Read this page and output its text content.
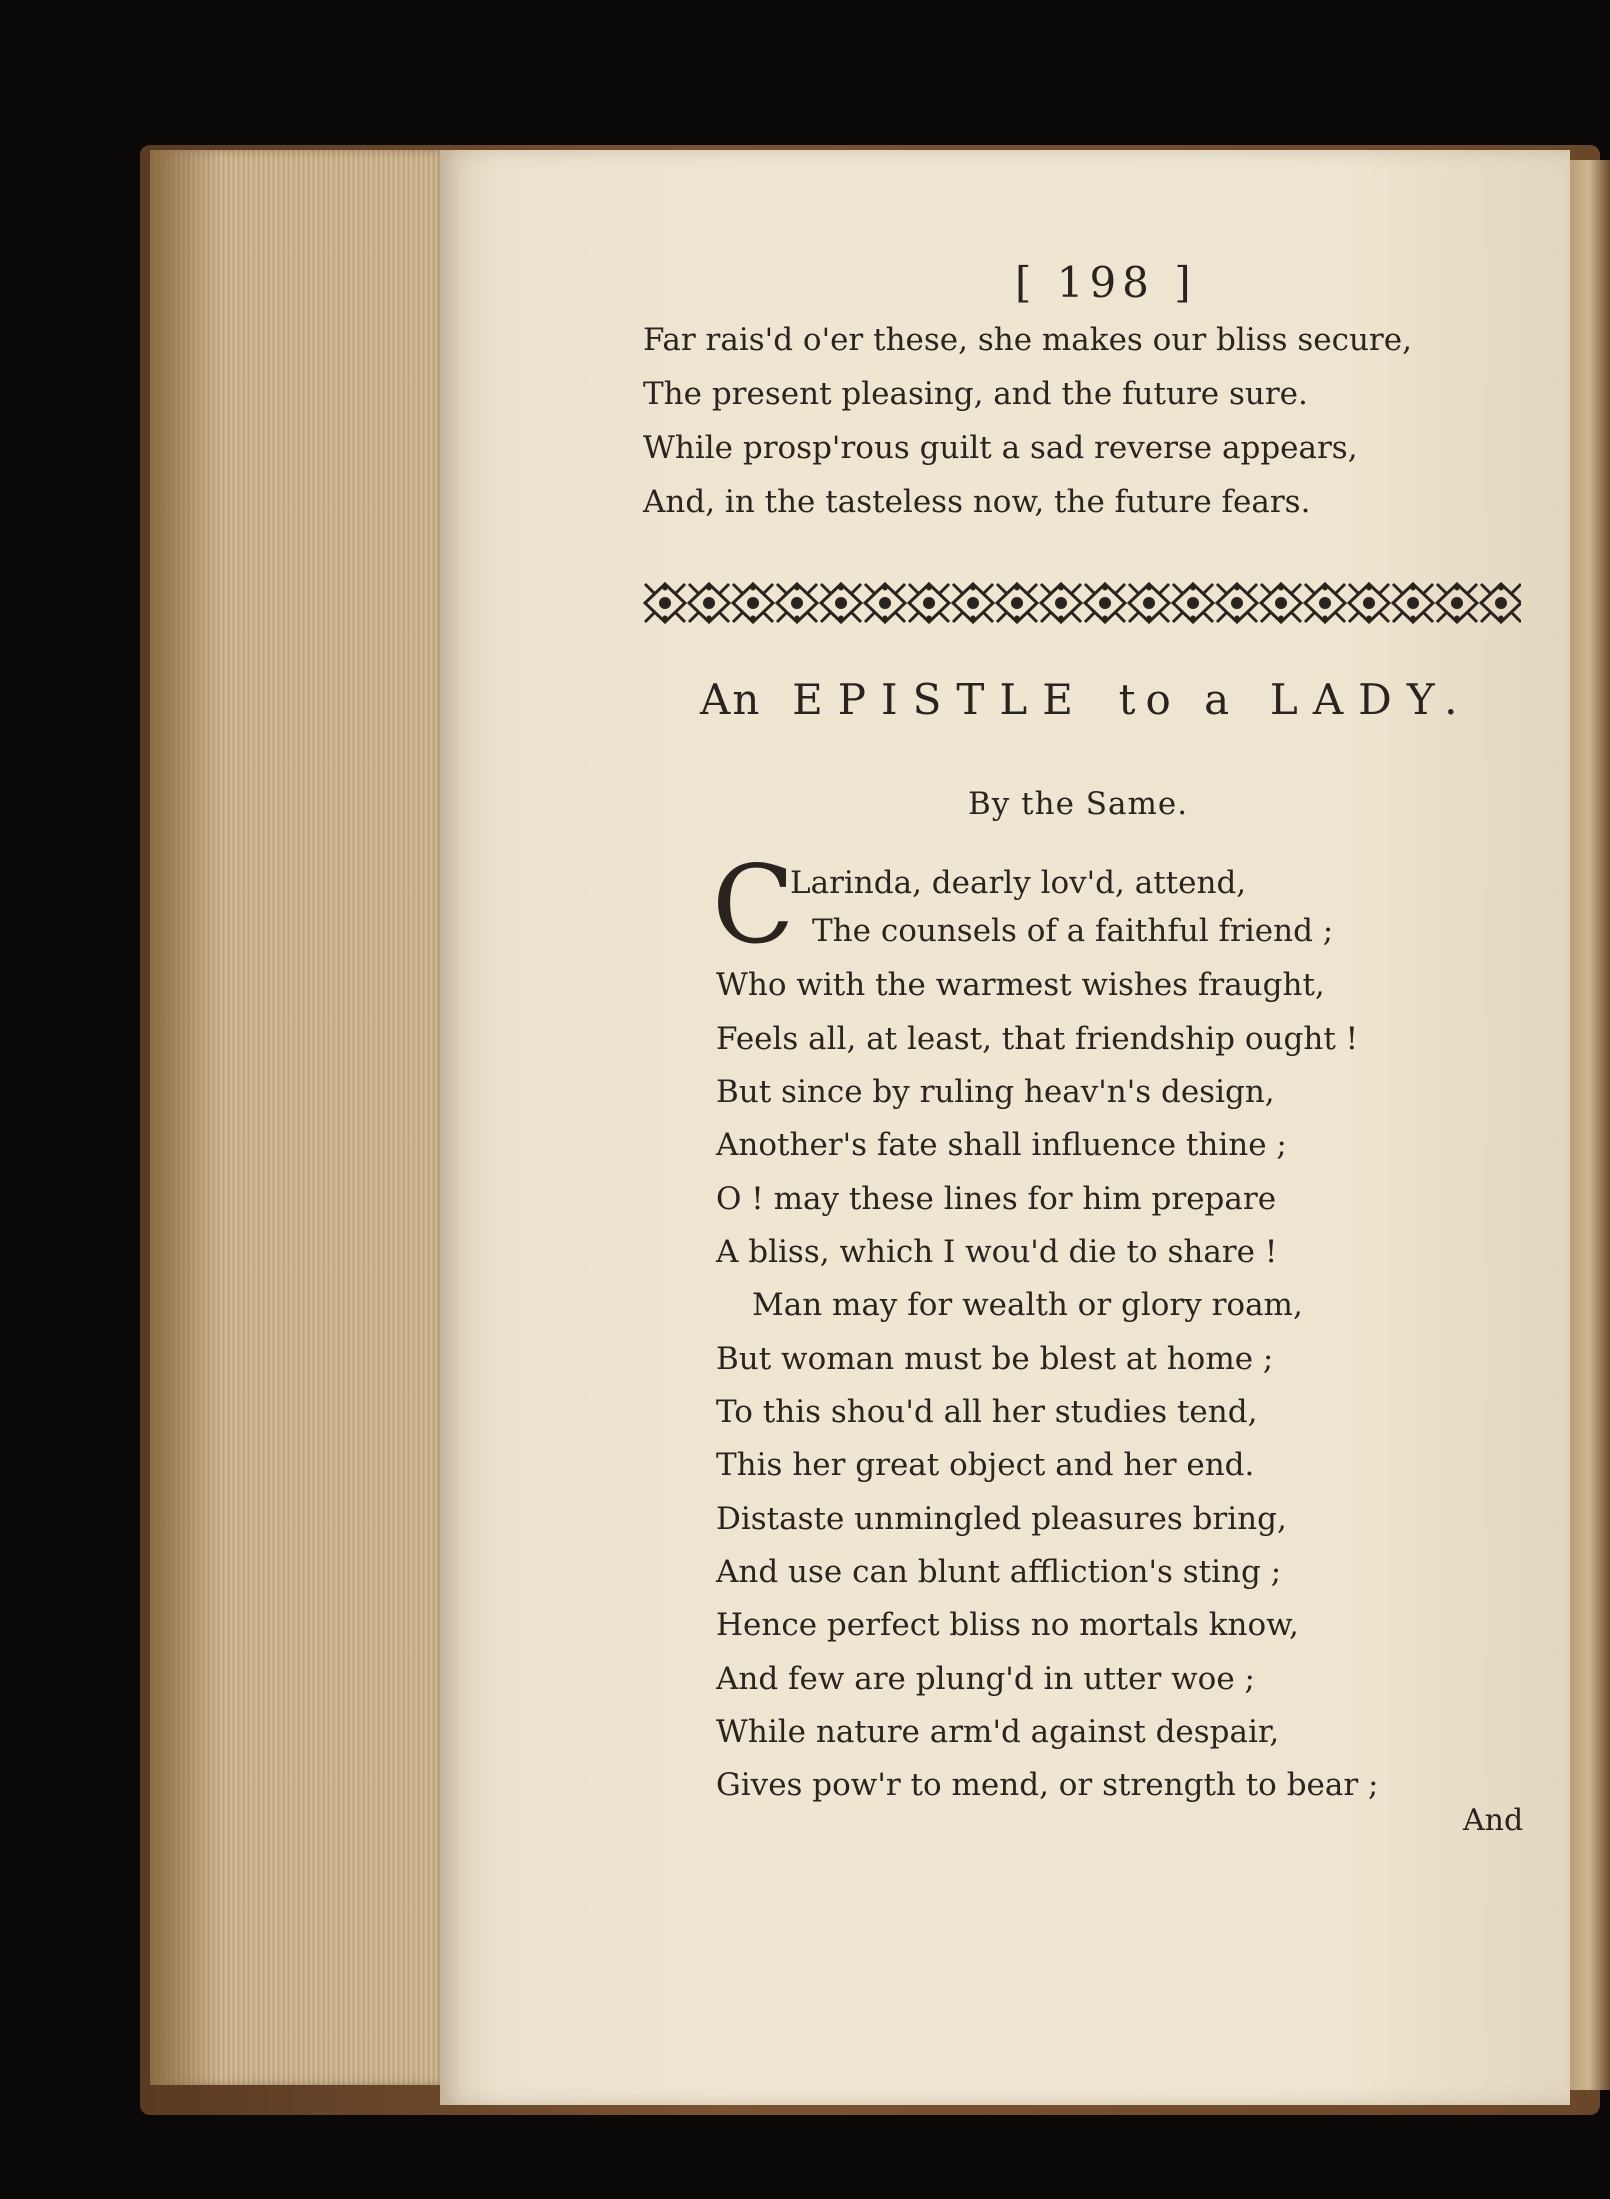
[ 198 ]
Far rais'd o'er these, she makes our bliss secure,
The present pleasing, and the future sure.
While prosp'rous guilt a sad reverse appears,
And, in the tasteless now, the future fears.
An EPISTLE to a LADY.
By the Same.
C
Larinda, dearly lov'd, attend,
The counsels of a faithful friend ;
Who with the warmest wishes fraught,
Feels all, at least, that friendship ought !
But since by ruling heav'n's design,
Another's fate shall influence thine ;
O ! may these lines for him prepare
A bliss, which I wou'd die to share !
Man may for wealth or glory roam,
But woman must be blest at home ;
To this shou'd all her studies tend,
This her great object and her end.
Distaste unmingled pleasures bring,
And use can blunt affliction's sting ;
Hence perfect bliss no mortals know,
And few are plung'd in utter woe ;
While nature arm'd against despair,
Gives pow'r to mend, or strength to bear ;
And
